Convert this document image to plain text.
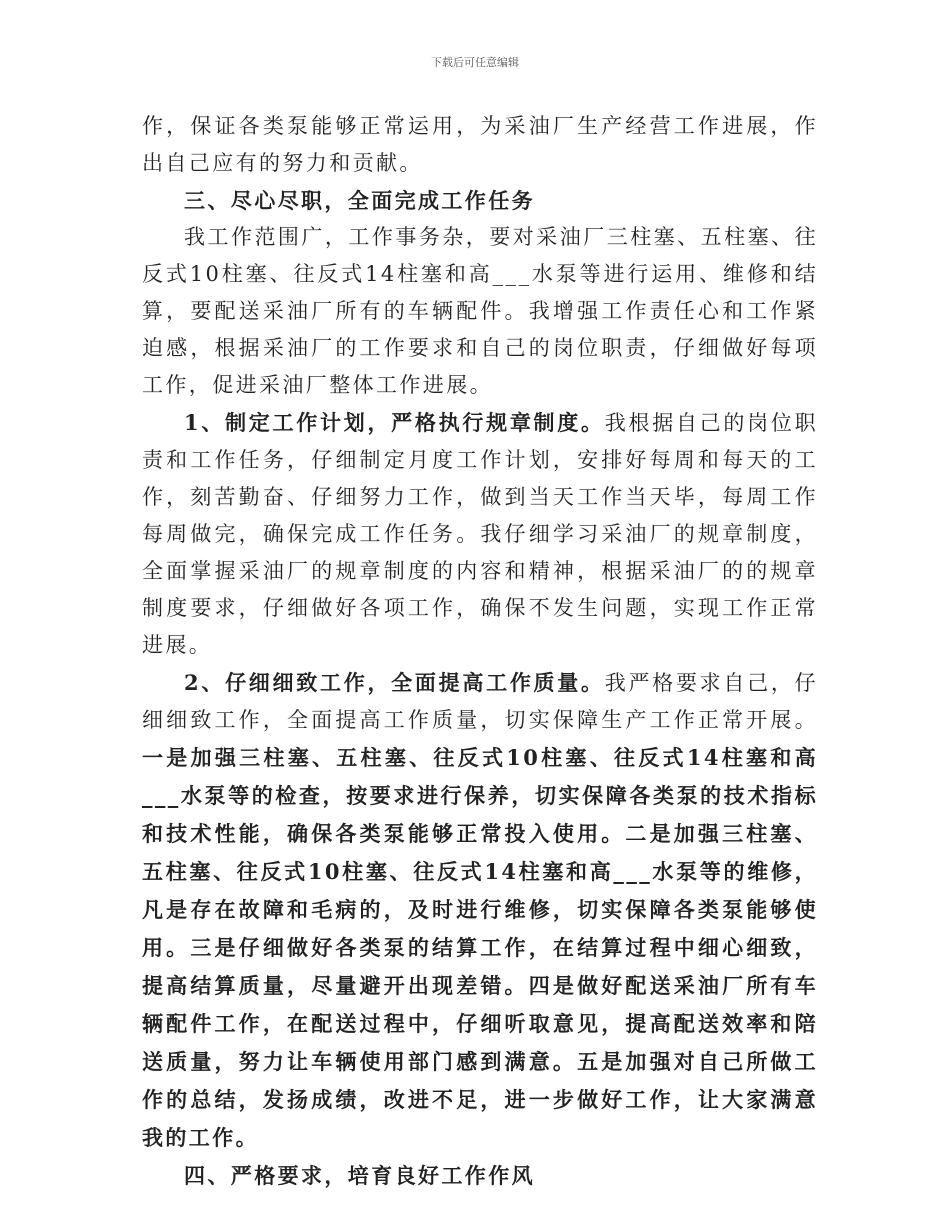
下载后可任意编辑

作，保证各类泵能够正常运用，为采油厂生产经营工作进展，作出自己应有的努力和贡献。

三、尽心尽职，全面完成工作任务

我工作范围广，工作事务杂，要对采油厂三柱塞、五柱塞、往反式10柱塞、往反式14柱塞和高___水泵等进行运用、维修和结算，要配送采油厂所有的车辆配件。我增强工作责任心和工作紧迫感，根据采油厂的工作要求和自己的岗位职责，仔细做好每项工作，促进采油厂整体工作进展。

1、制定工作计划，严格执行规章制度。我根据自己的岗位职责和工作任务，仔细制定月度工作计划，安排好每周和每天的工作，刻苦勤奋、仔细努力工作，做到当天工作当天毕，每周工作每周做完，确保完成工作任务。我仔细学习采油厂的规章制度，全面掌握采油厂的规章制度的内容和精神，根据采油厂的的规章制度要求，仔细做好各项工作，确保不发生问题，实现工作正常进展。

2、仔细细致工作，全面提高工作质量。我严格要求自己，仔细细致工作，全面提高工作质量，切实保障生产工作正常开展。一是加强三柱塞、五柱塞、往反式10柱塞、往反式14柱塞和高___水泵等的检查，按要求进行保养，切实保障各类泵的技术指标和技术性能，确保各类泵能够正常投入使用。二是加强三柱塞、五柱塞、往反式10柱塞、往反式14柱塞和高___水泵等的维修，凡是存在故障和毛病的，及时进行维修，切实保障各类泵能够使用。三是仔细做好各类泵的结算工作，在结算过程中细心细致，提高结算质量，尽量避开出现差错。四是做好配送采油厂所有车辆配件工作，在配送过程中，仔细听取意见，提高配送效率和陪送质量，努力让车辆使用部门感到满意。五是加强对自己所做工作的总结，发扬成绩，改进不足，进一步做好工作，让大家满意我的工作。

四、严格要求，培育良好工作作风
